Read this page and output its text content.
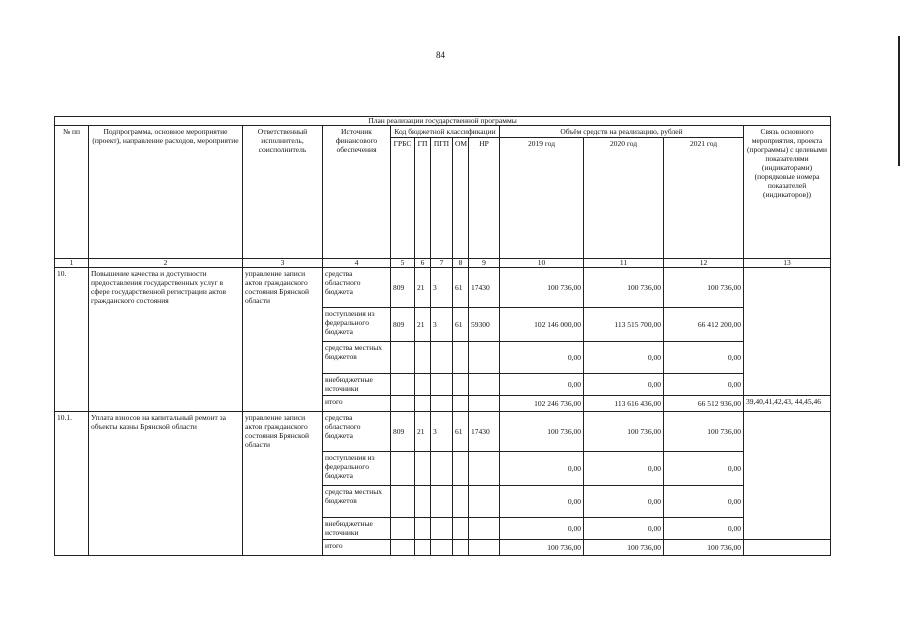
84
План реализации государственной программы												
№ пп	Подпрограмма, основное мероприятие (проект), направление расходов, мероприятие	Ответственный исполнитель, соисполнитель	Источник финансового обеспечения	Код бюджетной классификации					Объём средств на реализацию, рублей			Связь основного мероприятия, проекта (программы) с целевыми показателями (индикаторами) (порядковые номера показателей (индикаторов))
				ГРБС	ГП	ПГП	ОМ	НР	2019 год	2020 год	2021 год	
1	2	3	4	5	6	7	8	9	10	11	12	13
10.	Повышение качества и доступности предоставления государственных услуг в сфере государственной регистрации актов гражданского состояния	управление записи актов гражданского состояния Брянской области	средства областного бюджета	809	21	3	61	17430	100 736,00	100 736,00	100 736,00	
			поступления из федерального бюджета	809	21	3	61	59300	102 146 000,00	113 515 700,00	66 412 200,00	
			средства местных бюджетов						0,00	0,00	0,00	
			внебюджетные источники						0,00	0,00	0,00	
			итого						102 246 736,00	113 616 436,00	66 512 936,00	39,40,41,42,43, 44,45,46
10.1.	Уплата взносов на капитальный ремонт за объекты казны Брянской области	управление записи актов гражданского состояния Брянской области	средства областного бюджета	809	21	3	61	17430	100 736,00	100 736,00	100 736,00	
			поступления из федерального бюджета						0,00	0,00	0,00	
			средства местных бюджетов						0,00	0,00	0,00	
			внебюджетные источники						0,00	0,00	0,00	
			итого						100 736,00	100 736,00	100 736,00	
